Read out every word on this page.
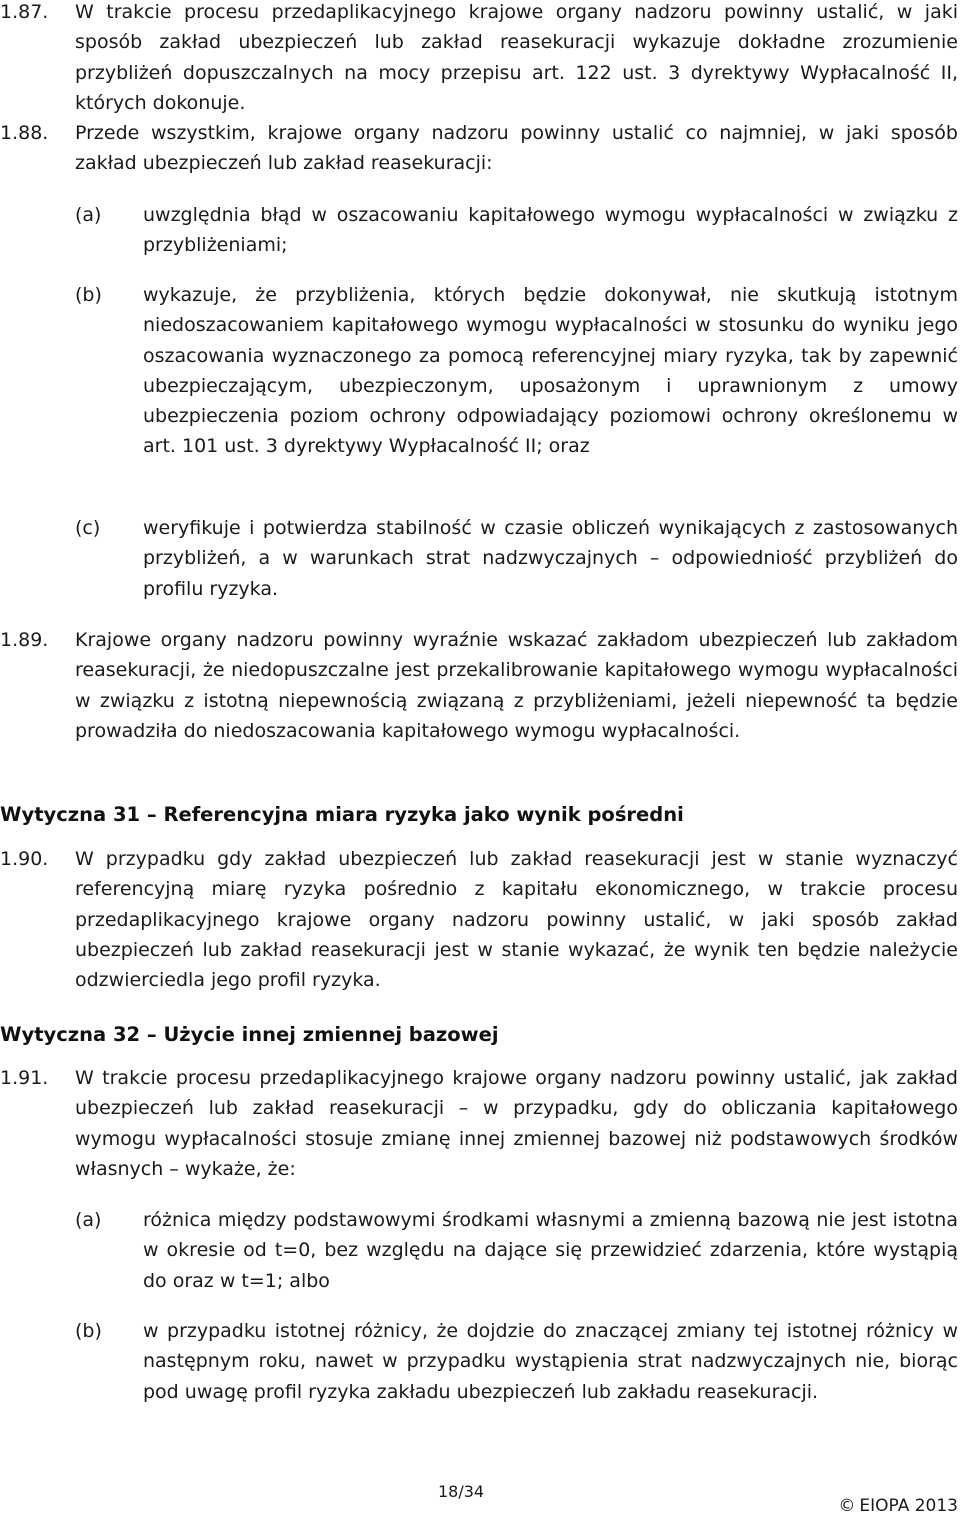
1.87. W trakcie procesu przedaplikacyjnego krajowe organy nadzoru powinny ustalić, w jaki sposób zakład ubezpieczeń lub zakład reasekuracji wykazuje dokładne zrozumienie przybliżeń dopuszczalnych na mocy przepisu art. 122 ust. 3 dyrektywy Wypłacalność II, których dokonuje.
1.88. Przede wszystkim, krajowe organy nadzoru powinny ustalić co najmniej, w jaki sposób zakład ubezpieczeń lub zakład reasekuracji:
(a) uwzględnia błąd w oszacowaniu kapitałowego wymogu wypłacalności w związku z przybliżeniami;
(b) wykazuje, że przybliżenia, których będzie dokonywał, nie skutkują istotnym niedoszacowaniem kapitałowego wymogu wypłacalności w stosunku do wyniku jego oszacowania wyznaczonego za pomocą referencyjnej miary ryzyka, tak by zapewnić ubezpieczającym, ubezpieczonym, uposażonym i uprawnionym z umowy ubezpieczenia poziom ochrony odpowiadający poziomowi ochrony określonemu w art. 101 ust. 3 dyrektywy Wypłacalność II; oraz
(c) weryfikuje i potwierdza stabilność w czasie obliczeń wynikających z zastosowanych przybliżeń, a w warunkach strat nadzwyczajnych – odpowiedniość przybliżeń do profilu ryzyka.
1.89. Krajowe organy nadzoru powinny wyraźnie wskazać zakładom ubezpieczeń lub zakładom reasekuracji, że niedopuszczalne jest przekalibrowanie kapitałowego wymogu wypłacalności w związku z istotną niepewnością związaną z przybliżeniami, jeżeli niepewność ta będzie prowadziła do niedoszacowania kapitałowego wymogu wypłacalności.
Wytyczna 31 – Referencyjna miara ryzyka jako wynik pośredni
1.90. W przypadku gdy zakład ubezpieczeń lub zakład reasekuracji jest w stanie wyznaczyć referencyjną miarę ryzyka pośrednio z kapitału ekonomicznego, w trakcie procesu przedaplikacyjnego krajowe organy nadzoru powinny ustalić, w jaki sposób zakład ubezpieczeń lub zakład reasekuracji jest w stanie wykazać, że wynik ten będzie należycie odzwierciedla jego profil ryzyka.
Wytyczna 32 – Użycie innej zmiennej bazowej
1.91. W trakcie procesu przedaplikacyjnego krajowe organy nadzoru powinny ustalić, jak zakład ubezpieczeń lub zakład reasekuracji – w przypadku, gdy do obliczania kapitałowego wymogu wypłacalności stosuje zmianę innej zmiennej bazowej niż podstawowych środków własnych – wykaże, że:
(a) różnica między podstawowymi środkami własnymi a zmienną bazową nie jest istotna w okresie od t=0, bez względu na dające się przewidzieć zdarzenia, które wystąpią do oraz w t=1; albo
(b) w przypadku istotnej różnicy, że dojdzie do znaczącej zmiany tej istotnej różnicy w następnym roku, nawet w przypadku wystąpienia strat nadzwyczajnych nie, biorąc pod uwagę profil ryzyka zakładu ubezpieczeń lub zakładu reasekuracji.
18/34
© EIOPA 2013
